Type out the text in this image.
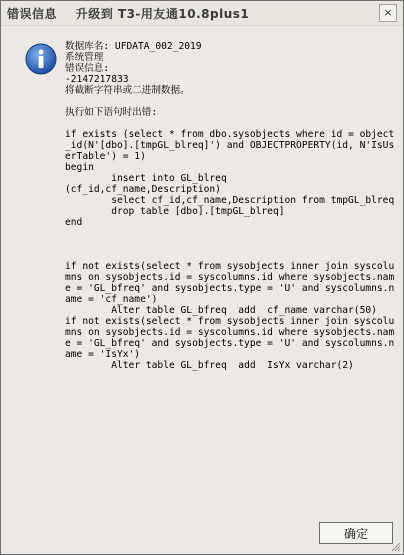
错误信息    升级到 T3-用友通10.8plus1	×
数据库名: UFDATA_002_2019
系统管理
错误信息:
-2147217833
将截断字符串或二进制数据。

执行如下语句时出错:

if exists (select * from dbo.sysobjects where id = object_id(N'[dbo].[tmpGL_blreq]') and OBJECTPROPERTY(id, N'IsUserTable') = 1)
begin
insert into GL_blreq
(cf_id,cf_name,Description)
select cf_id,cf_name,Description from tmpGL_blreq
drop table [dbo].[tmpGL_blreq]
end

if not exists(select * from sysobjects inner join syscolumns on sysobjects.id = syscolumns.id where sysobjects.name = 'GL_bfreq' and sysobjects.type = 'U' and syscolumns.name = 'cf_name')
Alter table GL_bfreq  add  cf_name varchar(50)
if not exists(select * from sysobjects inner join syscolumns on sysobjects.id = syscolumns.id where sysobjects.name = 'GL_bfreq' and sysobjects.type = 'U' and syscolumns.name = 'IsYx')
Alter table GL_bfreq  add  IsYx varchar(2)
确定
